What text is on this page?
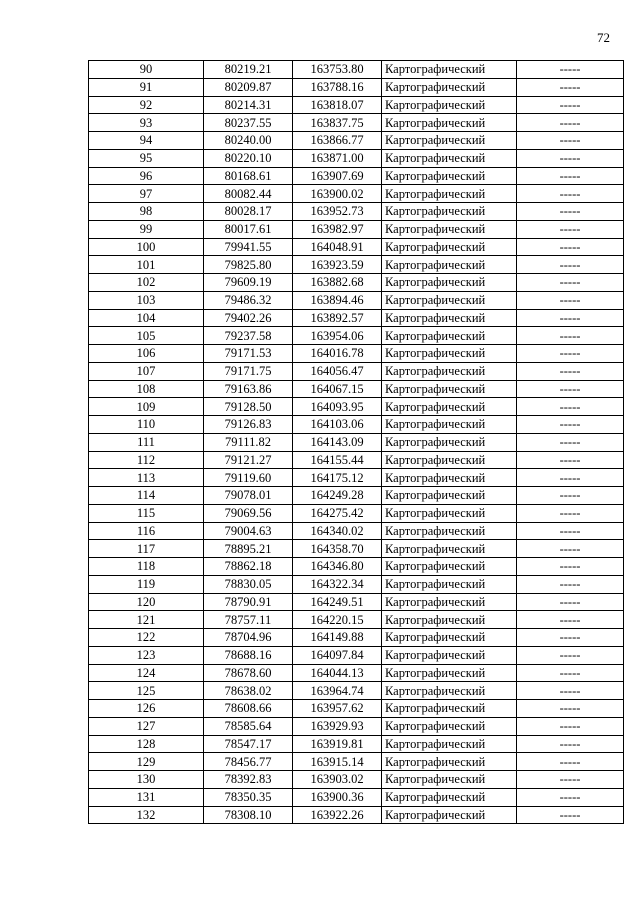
72
90	80219.21	163753.80	Картографический	-----
91	80209.87	163788.16	Картографический	-----
92	80214.31	163818.07	Картографический	-----
93	80237.55	163837.75	Картографический	-----
94	80240.00	163866.77	Картографический	-----
95	80220.10	163871.00	Картографический	-----
96	80168.61	163907.69	Картографический	-----
97	80082.44	163900.02	Картографический	-----
98	80028.17	163952.73	Картографический	-----
99	80017.61	163982.97	Картографический	-----
100	79941.55	164048.91	Картографический	-----
101	79825.80	163923.59	Картографический	-----
102	79609.19	163882.68	Картографический	-----
103	79486.32	163894.46	Картографический	-----
104	79402.26	163892.57	Картографический	-----
105	79237.58	163954.06	Картографический	-----
106	79171.53	164016.78	Картографический	-----
107	79171.75	164056.47	Картографический	-----
108	79163.86	164067.15	Картографический	-----
109	79128.50	164093.95	Картографический	-----
110	79126.83	164103.06	Картографический	-----
111	79111.82	164143.09	Картографический	-----
112	79121.27	164155.44	Картографический	-----
113	79119.60	164175.12	Картографический	-----
114	79078.01	164249.28	Картографический	-----
115	79069.56	164275.42	Картографический	-----
116	79004.63	164340.02	Картографический	-----
117	78895.21	164358.70	Картографический	-----
118	78862.18	164346.80	Картографический	-----
119	78830.05	164322.34	Картографический	-----
120	78790.91	164249.51	Картографический	-----
121	78757.11	164220.15	Картографический	-----
122	78704.96	164149.88	Картографический	-----
123	78688.16	164097.84	Картографический	-----
124	78678.60	164044.13	Картографический	-----
125	78638.02	163964.74	Картографический	-----
126	78608.66	163957.62	Картографический	-----
127	78585.64	163929.93	Картографический	-----
128	78547.17	163919.81	Картографический	-----
129	78456.77	163915.14	Картографический	-----
130	78392.83	163903.02	Картографический	-----
131	78350.35	163900.36	Картографический	-----
132	78308.10	163922.26	Картографический	-----
